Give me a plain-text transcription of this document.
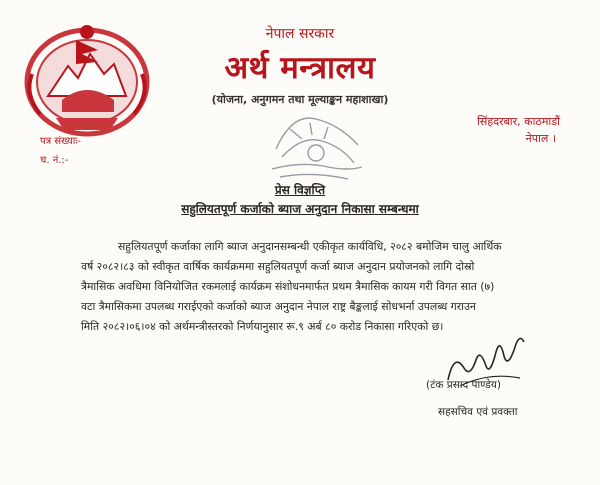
नेपाल सरकार
अर्थ मन्त्रालय
(योजना, अनुगमन तथा मूल्याङ्कन महाशाखा)
सिंहदरबार, काठमाडौं
नेपाल ।
पत्र संख्याः-
च. नं.:-
प्रेस विज्ञप्ति
सहुलियतपूर्ण कर्जाको ब्याज अनुदान निकासा सम्बन्धमा
सहुलियतपूर्ण कर्जाका लागि ब्याज अनुदानसम्बन्धी एकीकृत कार्यविधि, २०८२ बमोजिम चालु आर्थिक
वर्ष २०८२।८३ को स्वीकृत वार्षिक कार्यक्रममा सहुलियतपूर्ण कर्जा ब्याज अनुदान प्रयोजनको लागि दोस्रो
त्रैमासिक अवधिमा विनियोजित रकमलाई कार्यक्रम संशोधनमार्फत प्रथम त्रैमासिक कायम गरी विगत सात (७)
वटा त्रैमासिकमा उपलब्ध गराईएको कर्जाको ब्याज अनुदान नेपाल राष्ट्र बैङ्कलाई सोधभर्ना उपलब्ध गराउन
मिति २०८२।०६।०४ को अर्थमन्त्रीस्तरको निर्णयानुसार रू.९ अर्ब ८० करोड निकासा गरिएको छ।
(टंक प्रसाद पाण्डेय)
सहसचिव एवं प्रवक्ता
